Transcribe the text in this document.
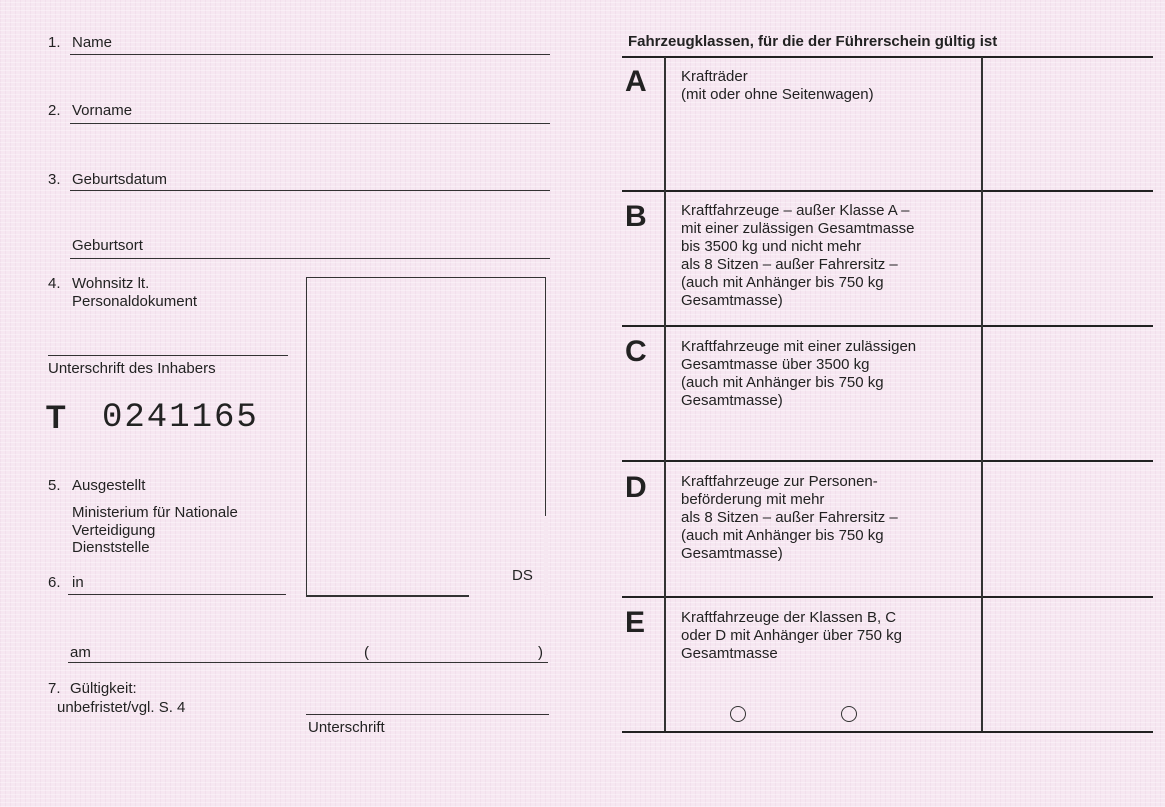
1. Name
2. Vorname
3. Geburtsdatum
Geburtsort
4. Wohnsitz lt.
Personaldokument
Unterschrift des Inhabers
T 0241165
5. Ausgestellt
Ministerium für Nationale
Verteidigung
Dienststelle
6. in	DS
am	(	)
7. Gültigkeit:
unbefristet/vgl. S. 4
Unterschrift
Fahrzeugklassen, für die der Führerschein gültig ist
A Krafträder
(mit oder ohne Seitenwagen)
B Kraftfahrzeuge – außer Klasse A –
mit einer zulässigen Gesamtmasse
bis 3500 kg und nicht mehr
als 8 Sitzen – außer Fahrersitz –
(auch mit Anhänger bis 750 kg
Gesamtmasse)
C Kraftfahrzeuge mit einer zulässigen
Gesamtmasse über 3500 kg
(auch mit Anhänger bis 750 kg
Gesamtmasse)
D Kraftfahrzeuge zur Personen-
beförderung mit mehr
als 8 Sitzen – außer Fahrersitz –
(auch mit Anhänger bis 750 kg
Gesamtmasse)
E Kraftfahrzeuge der Klassen B, C
oder D mit Anhänger über 750 kg
Gesamtmasse
